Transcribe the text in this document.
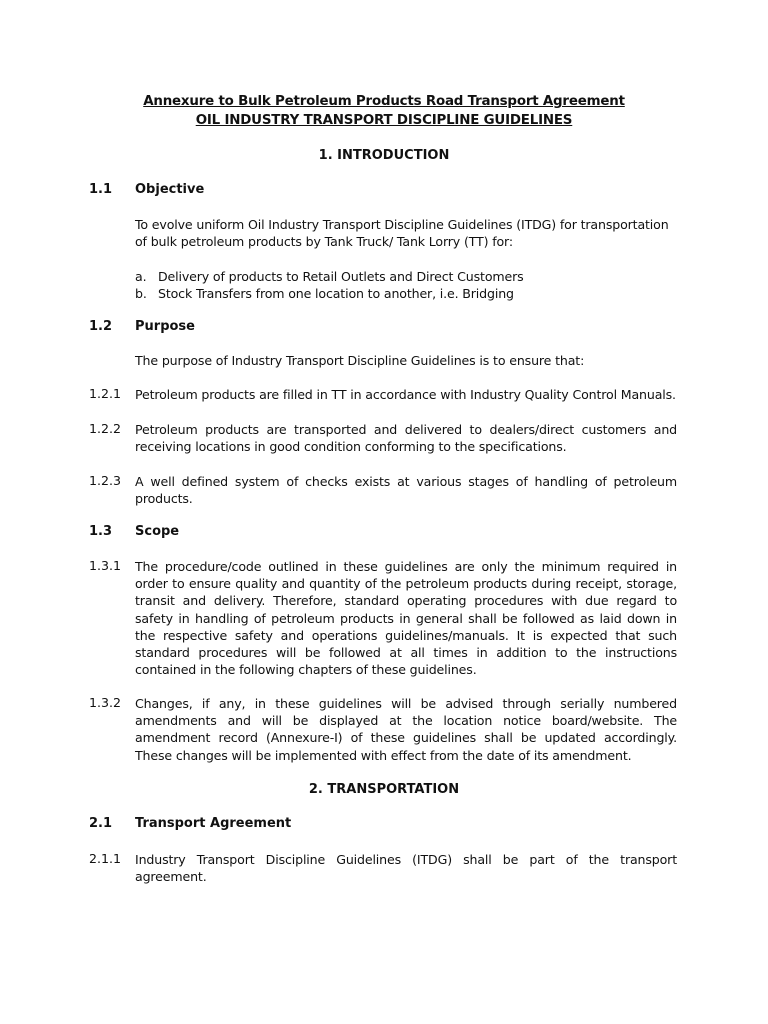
Annexure to Bulk Petroleum Products Road Transport Agreement
OIL INDUSTRY TRANSPORT DISCIPLINE GUIDELINES
1. INTRODUCTION
1.1 Objective
To evolve uniform Oil Industry Transport Discipline Guidelines (ITDG) for transportation of bulk petroleum products by Tank Truck/ Tank Lorry (TT) for:
a. Delivery of products to Retail Outlets and Direct Customers
b. Stock Transfers from one location to another, i.e. Bridging
1.2 Purpose
The purpose of Industry Transport Discipline Guidelines is to ensure that:
1.2.1 Petroleum products are filled in TT in accordance with Industry Quality Control Manuals.
1.2.2 Petroleum products are transported and delivered to dealers/direct customers and receiving locations in good condition conforming to the specifications.
1.2.3 A well defined system of checks exists at various stages of handling of petroleum products.
1.3 Scope
1.3.1 The procedure/code outlined in these guidelines are only the minimum required in order to ensure quality and quantity of the petroleum products during receipt, storage, transit and delivery. Therefore, standard operating procedures with due regard to safety in handling of petroleum products in general shall be followed as laid down in the respective safety and operations guidelines/manuals. It is expected that such standard procedures will be followed at all times in addition to the instructions contained in the following chapters of these guidelines.
1.3.2 Changes, if any, in these guidelines will be advised through serially numbered amendments and will be displayed at the location notice board/website. The amendment record (Annexure-I) of these guidelines shall be updated accordingly. These changes will be implemented with effect from the date of its amendment.
2. TRANSPORTATION
2.1 Transport Agreement
2.1.1 Industry Transport Discipline Guidelines (ITDG) shall be part of the transport agreement.
